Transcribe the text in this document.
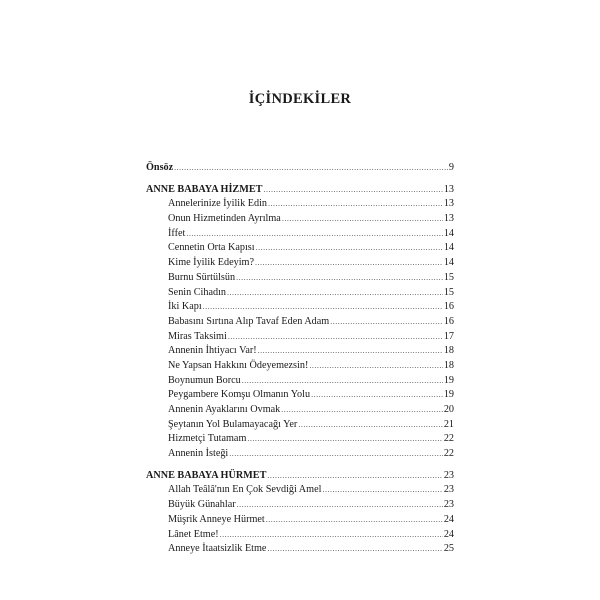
İÇİNDEKİLER
Önsöz .....	9
ANNE BABAYA HİZMET .....	13
Annelerinize İyilik Edin .....	13
Onun Hizmetinden Ayrılma .....	13
İffet .....	14
Cennetin Orta Kapısı .....	14
Kime İyilik Edeyim? .....	14
Burnu Sürtülsün .....	15
Senin Cihadın .....	15
İki Kapı .....	16
Babasını Sırtına Alıp Tavaf Eden Adam .....	16
Miras Taksimi .....	17
Annenin İhtiyacı Var! .....	18
Ne Yapsan Hakkını Ödeyemezsin! .....	18
Boynumun Borcu .....	19
Peygambere Komşu Olmanın Yolu .....	19
Annenin Ayaklarını Ovmak .....	20
Şeytanın Yol Bulamayacağı Yer .....	21
Hizmetçi Tutamam .....	22
Annenin İsteği .....	22
ANNE BABAYA HÜRMET .....	23
Allah Teâlâ'nın En Çok Sevdiği Amel .....	23
Büyük Günahlar .....	23
Müşrik Anneye Hürmet .....	24
Lânet Etme! .....	24
Anneye İtaatsizlik Etme .....	25
